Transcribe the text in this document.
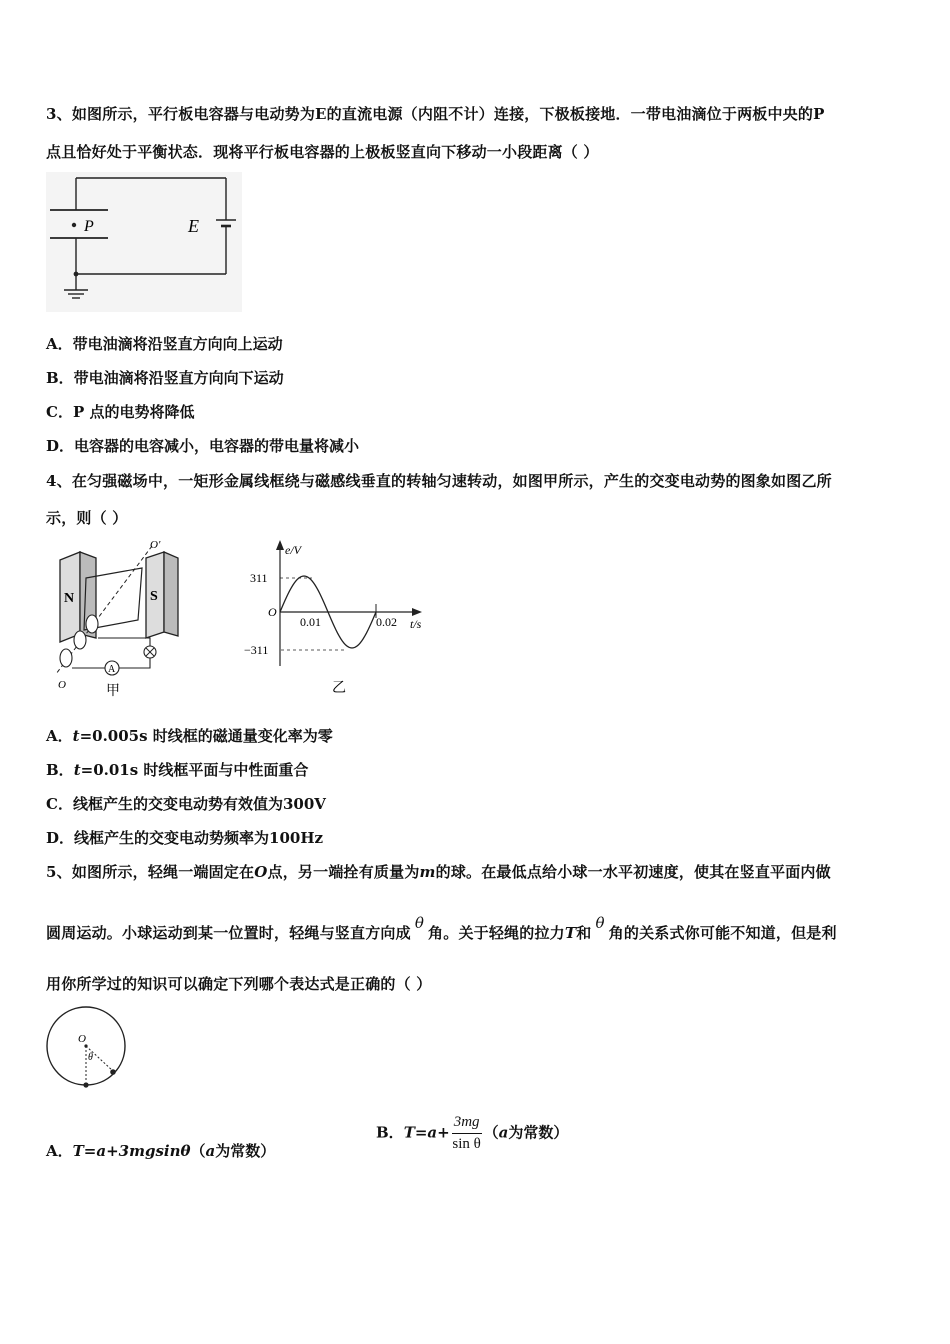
3、如图所示，平行板电容器与电动势为E的直流电源（内阻不计）连接，下极板接地．一带电油滴位于两板中央的P
点且恰好处于平衡状态．现将平行板电容器的上极板竖直向下移动一小段距离（ ）
P	E
A．带电油滴将沿竖直方向向上运动
B．带电油滴将沿竖直方向向下运动
C．P 点的电势将降低
D．电容器的电容减小，电容器的带电量将减小
4、在匀强磁场中，一矩形金属线框绕与磁感线垂直的转轴匀速转动，如图甲所示，产生的交变电动势的图象如图乙所
示，则（ ）
N	S
O'
O
A
甲
e/V
t/s
O
311
−311
0.01	0.02
乙
A．t=0.005s 时线框的磁通量变化率为零
B．t=0.01s 时线框平面与中性面重合
C．线框产生的交变电动势有效值为300V
D．线框产生的交变电动势频率为100Hz
5、如图所示，轻绳一端固定在O点，另一端拴有质量为m的球。在最低点给小球一水平初速度，使其在竖直平面内做
圆周运动。小球运动到某一位置时，轻绳与竖直方向成θ角。关于轻绳的拉力T和θ角的关系式你可能不知道，但是利
用你所学过的知识可以确定下列哪个表达式是正确的（ ）
O
θ
A．T=a+3mgsinθ（a为常数）
B．$T=a+ \frac{3mg}{\text{sin θ}} (a$为常数）
